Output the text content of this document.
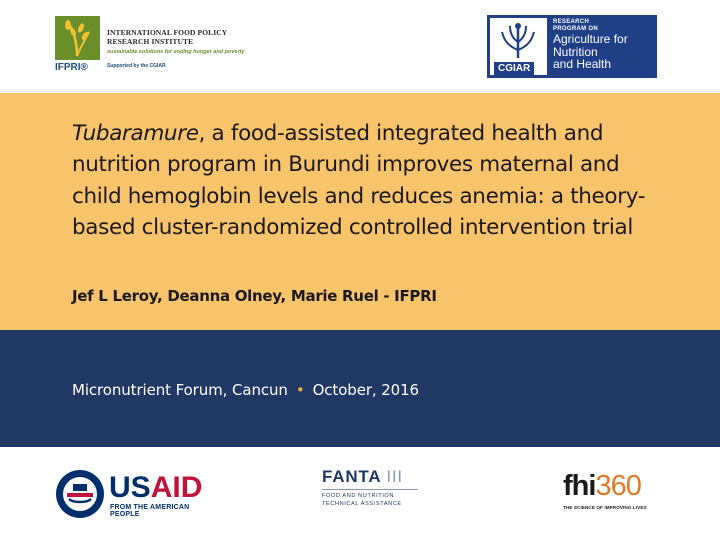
IFPRI®
INTERNATIONAL FOOD POLICY
RESEARCH INSTITUTE
sustainable solutions for ending hunger and poverty
Supported by the CGIAR	CGIAR
RESEARCH
PROGRAM ON
Agriculture for
Nutrition
and Health
Tubaramure, a food-assisted integrated health and nutrition program in Burundi improves maternal and child hemoglobin levels and reduces anemia: a theory-based cluster-randomized controlled intervention trial
Jef L Leroy, Deanna Olney, Marie Ruel - IFPRI
Micronutrient Forum, Cancun • October, 2016
USAID
FROM THE AMERICAN PEOPLE
FANTA III
FOOD AND NUTRITION
TECHNICAL ASSISTANCE
fhi360
THE SCIENCE OF IMPROVING LIVES
